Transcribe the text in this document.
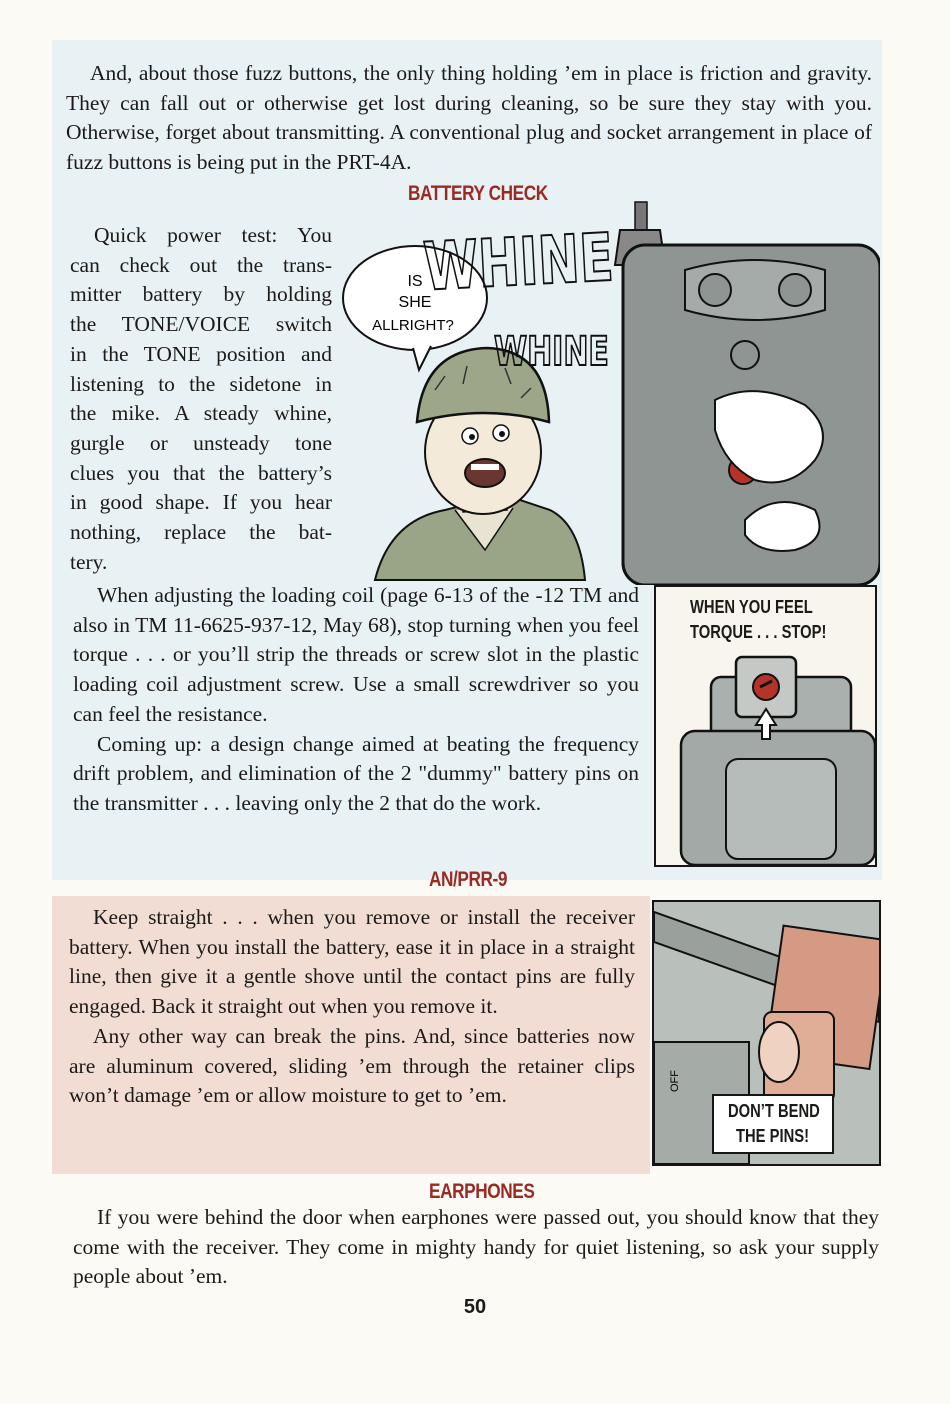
And, about those fuzz buttons, the only thing holding ’em in place is friction and gravity. They can fall out or otherwise get lost during cleaning, so be sure they stay with you. Otherwise, forget about transmitting. A conventional plug and socket arrangement in place of fuzz buttons is being put in the PRT-4A.

BATTERY CHECK
Quick power test: You
can check out the trans-
mitter battery by holding
the TONE/VOICE switch
in the TONE position and
listening to the sidetone in
the mike. A steady whine,
gurgle or unsteady tone
clues you that the battery’s
in good shape. If you hear
nothing, replace the bat-
tery.
IS
SHE
ALLRIGHT?
WHINE
WHINE
WHEN YOU FEEL
TORQUE . . . STOP!

When adjusting the loading coil (page 6-13 of the -12 TM and also in TM 11-6625-937-12, May 68), stop turning when you feel torque . . . or you’ll strip the threads or screw slot in the plastic loading coil adjustment screw. Use a small screwdriver so you can feel the resistance.

Coming up: a design change aimed at beating the frequency drift problem, and elimination of the 2 "dummy" battery pins on the transmitter . . . leaving only the 2 that do the work.

AN/PRR-9

Keep straight . . . when you remove or install the receiver battery. When you install the battery, ease it in place in a straight line, then give it a gentle shove until the contact pins are fully engaged. Back it straight out when you remove it.

Any other way can break the pins. And, since batteries now are aluminum covered, sliding ’em through the retainer clips won’t damage ’em or allow moisture to get to ’em.

OFF
DON’T BEND
THE PINS!
EARPHONES

If you were behind the door when earphones were passed out, you should know that they come with the receiver. They come in mighty handy for quiet listening, so ask your supply people about ’em.

50
